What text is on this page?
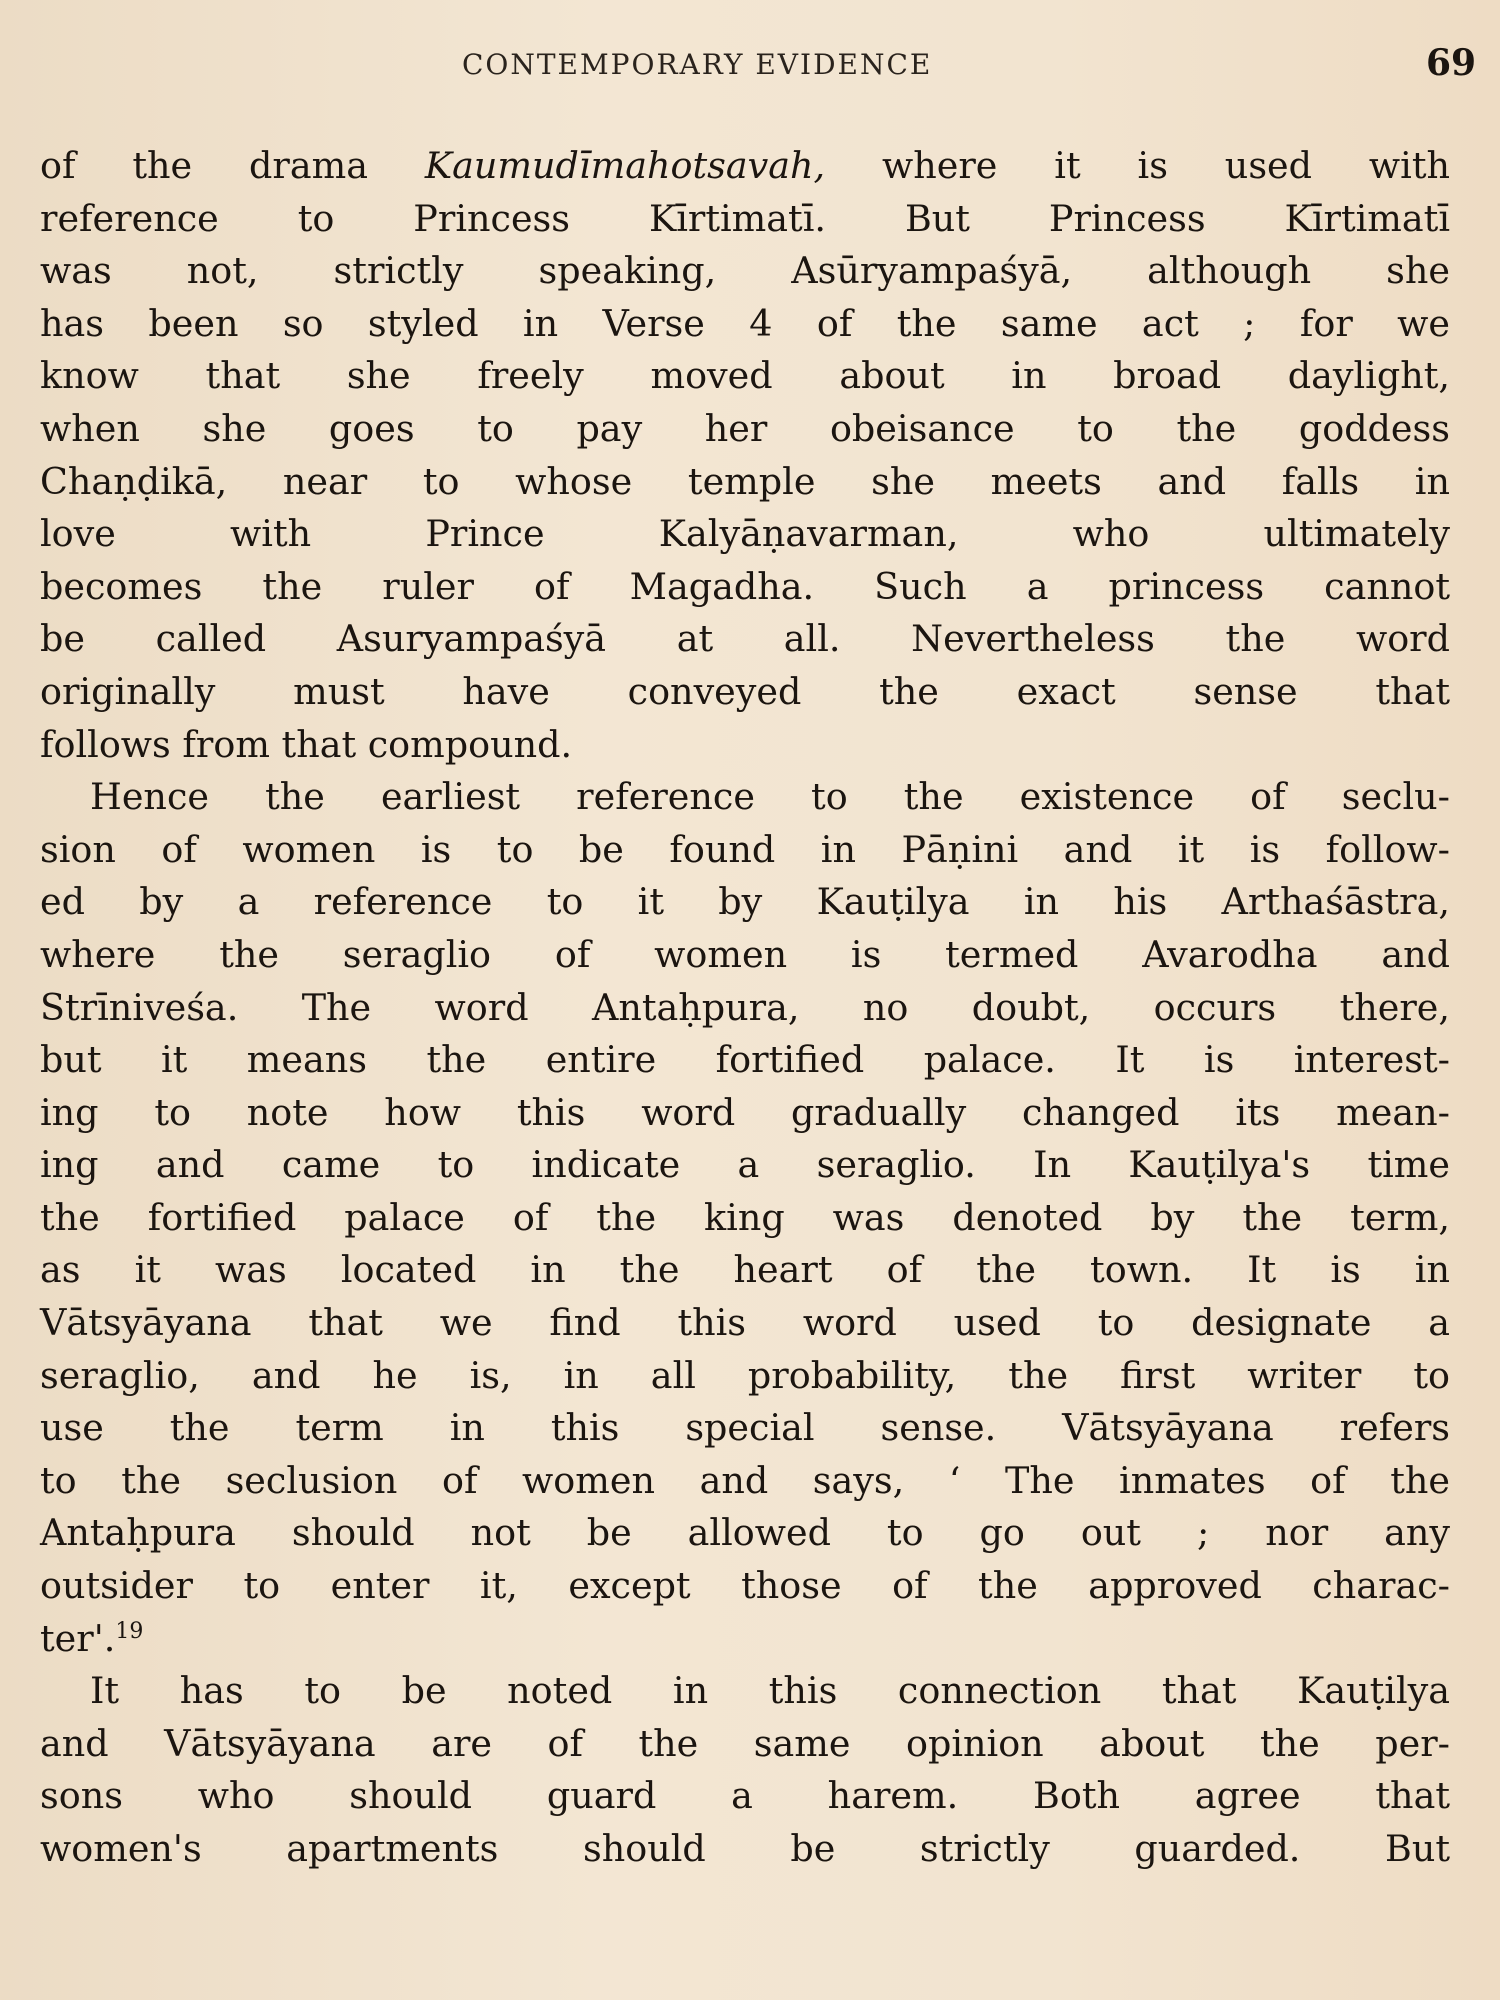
CONTEMPORARY EVIDENCE	69
of the drama Kaumudīmahotsavah, where it is used with
reference to Princess Kīrtimatī. But Princess Kīrtimatī
was not, strictly speaking, Asūryampaśyā, although she
has been so styled in Verse 4 of the same act ; for we
know that she freely moved about in broad daylight,
when she goes to pay her obeisance to the goddess
Chaṇḍikā, near to whose temple she meets and falls in
love with Prince Kalyāṇavarman, who ultimately
becomes the ruler of Magadha. Such a princess cannot
be called Asuryampaśyā at all. Nevertheless the word
originally must have conveyed the exact sense that
follows from that compound.
Hence the earliest reference to the existence of seclu-
sion of women is to be found in Pāṇini and it is follow-
ed by a reference to it by Kauṭilya in his Arthaśāstra,
where the seraglio of women is termed Avarodha and
Strīniveśa. The word Antaḥpura, no doubt, occurs there,
but it means the entire fortified palace. It is interest-
ing to note how this word gradually changed its mean-
ing and came to indicate a seraglio. In Kauṭilya's time
the fortified palace of the king was denoted by the term,
as it was located in the heart of the town. It is in
Vātsyāyana that we find this word used to designate a
seraglio, and he is, in all probability, the first writer to
use the term in this special sense. Vātsyāyana refers
to the seclusion of women and says, ‘ The inmates of the
Antaḥpura should not be allowed to go out ; nor any
outsider to enter it, except those of the approved charac-
ter'.$^{19}$
It has to be noted in this connection that Kauṭilya
and Vātsyāyana are of the same opinion about the per-
sons who should guard a harem. Both agree that
women's apartments should be strictly guarded. But
